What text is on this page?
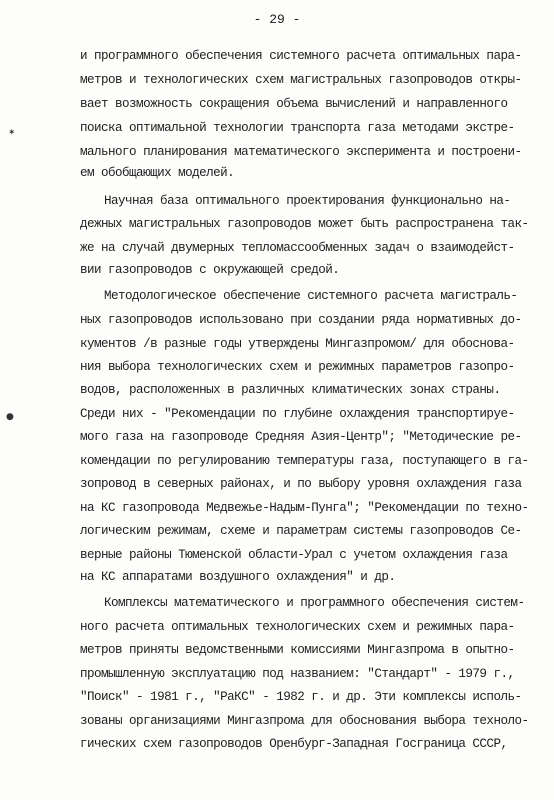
- 29 -
✶
●
и программного обеспечения системного расчета оптимальных пара-
метров и технологических схем магистральных газопроводов откры-
вает возможность сокращения объема вычислений и направленного
поиска оптимальной технологии транспорта газа методами экстре-
мального планирования математического эксперимента и построени-
ем обобщающих моделей.
Научная база оптимального проектирования функционально на-
дежных магистральных газопроводов может быть распространена так-
же на случай двумерных тепломассообменных задач о взаимодейст-
вии газопроводов с окружающей средой.
Методологическое обеспечение системного расчета магистраль-
ных газопроводов использовано при создании ряда нормативных до-
кументов /в разные годы утверждены Мингазпромом/ для обоснова-
ния выбора технологических схем и режимных параметров газопро-
водов, расположенных в различных климатических зонах страны.
Среди них - "Рекомендации по глубине охлаждения транспортируе-
мого газа на газопроводе Средняя Азия-Центр"; "Методические ре-
комендации по регулированию температуры газа, поступающего в га-
зопровод в северных районах, и по выбору уровня охлаждения газа
на КС газопровода Медвежье-Надым-Пунга"; "Рекомендации по техно-
логическим режимам, схеме и параметрам системы газопроводов Се-
верные районы Тюменской области-Урал с учетом охлаждения газа
на КС аппаратами воздушного охлаждения" и др.
Комплексы математического и программного обеспечения систем-
ного расчета оптимальных технологических схем и режимных пара-
метров приняты ведомственными комиссиями Мингазпрома в опытно-
промышленную эксплуатацию под названием: "Стандарт" - 1979 г.,
"Поиск" - 1981 г., "РаКС" - 1982 г. и др. Эти комплексы исполь-
зованы организациями Мингазпрома для обоснования выбора техноло-
гических схем газопроводов Оренбург-Западная Госграница СССР,
